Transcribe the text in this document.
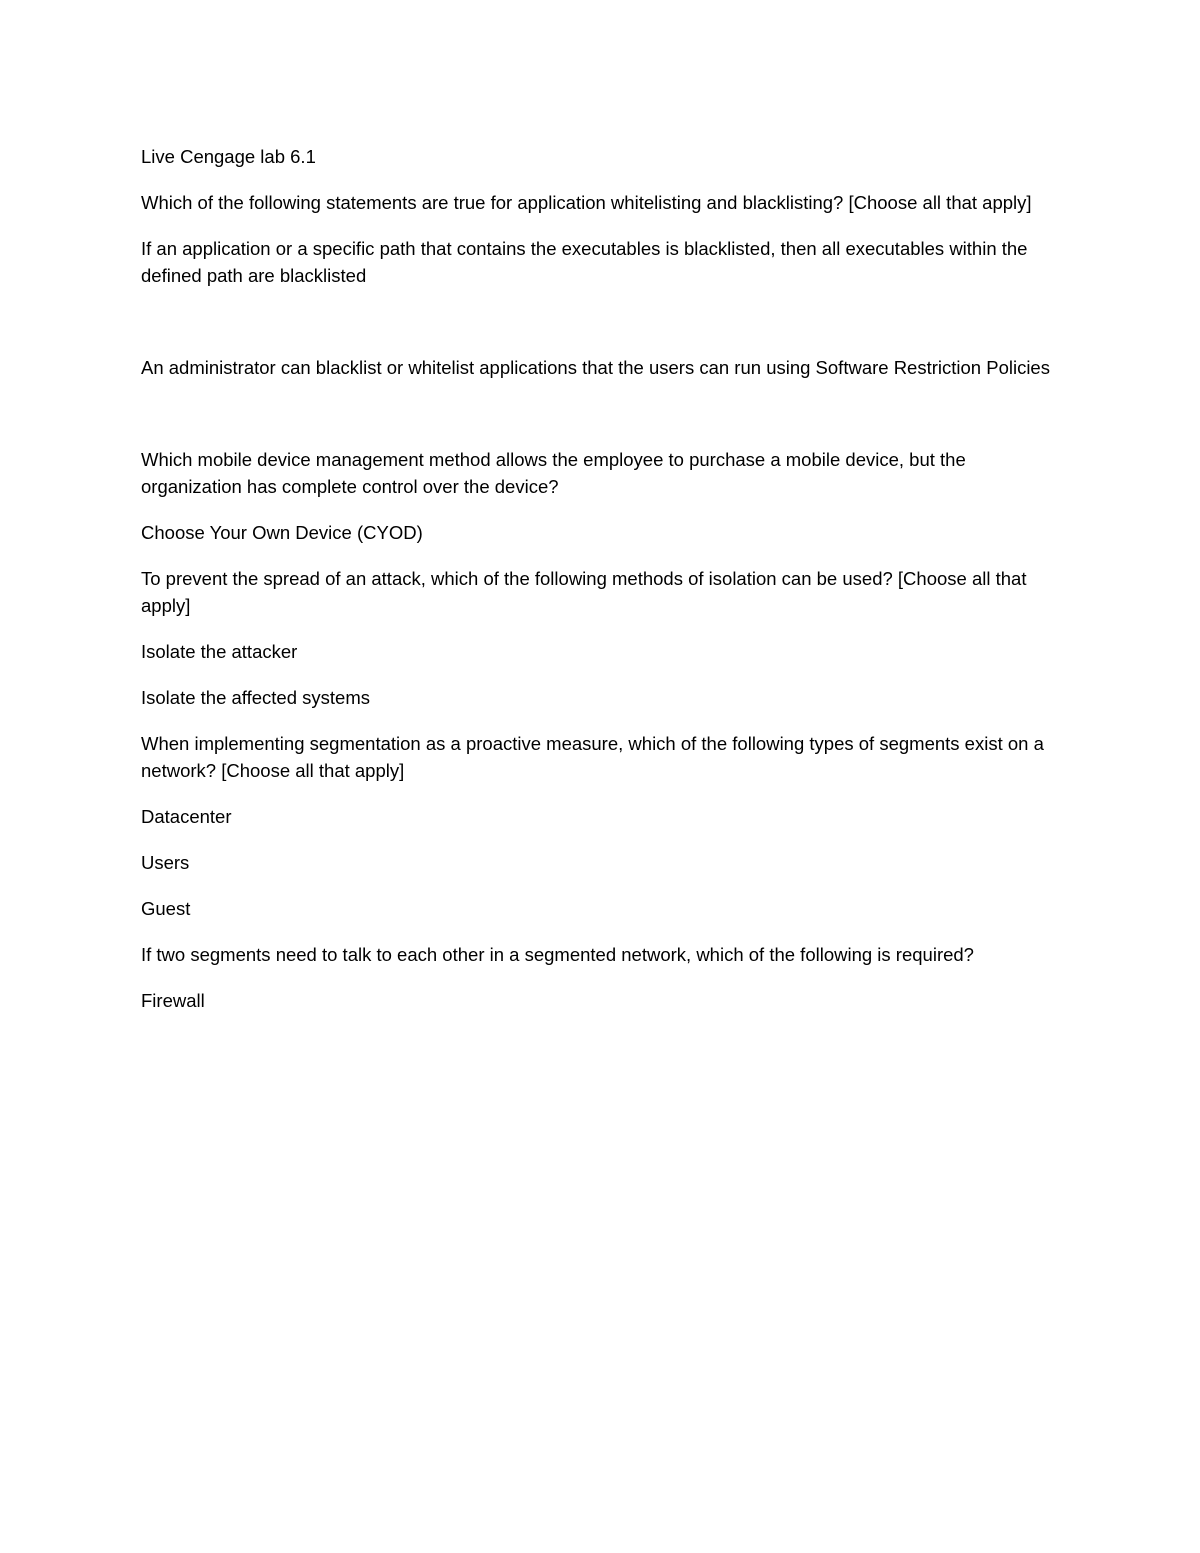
Live Cengage lab 6.1

Which of the following statements are true for application whitelisting and blacklisting? [Choose all that apply]

If an application or a specific path that contains the executables is blacklisted, then all executables within the defined path are blacklisted

An administrator can blacklist or whitelist applications that the users can run using Software Restriction Policies

Which mobile device management method allows the employee to purchase a mobile device, but the organization has complete control over the device?

Choose Your Own Device (CYOD)

To prevent the spread of an attack, which of the following methods of isolation can be used? [Choose all that apply]

Isolate the attacker

Isolate the affected systems

When implementing segmentation as a proactive measure, which of the following types of segments exist on a network? [Choose all that apply]

Datacenter

Users

Guest

If two segments need to talk to each other in a segmented network, which of the following is required?

Firewall
